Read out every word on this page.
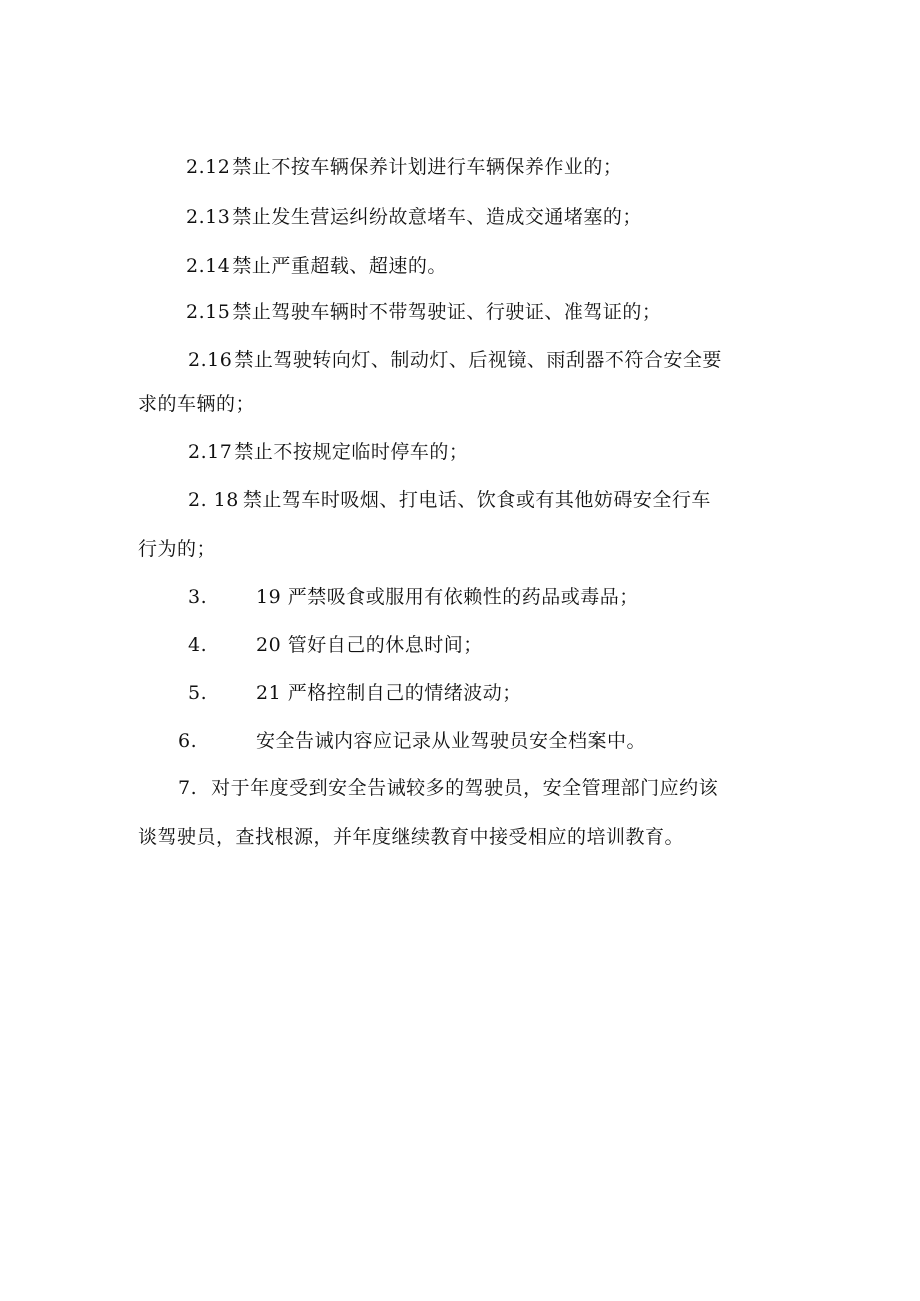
2.12 禁止不按车辆保养计划进行车辆保养作业的；
2.13 禁止发生营运纠纷故意堵车、造成交通堵塞的；
2.14 禁止严重超载、超速的。
2.15 禁止驾驶车辆时不带驾驶证、行驶证、准驾证的；
2.16 禁止驾驶转向灯、制动灯、后视镜、雨刮器不符合安全要
求的车辆的；
2.17 禁止不按规定临时停车的；
2. 18 禁止驾车时吸烟、打电话、饮食或有其他妨碍安全行车
行为的；
3.	19 严禁吸食或服用有依赖性的药品或毒品；
4.	20 管好自己的休息时间；
5.	21 严格控制自己的情绪波动；
6.	安全告诫内容应记录从业驾驶员安全档案中。
7. 对于年度受到安全告诫较多的驾驶员，安全管理部门应约该
谈驾驶员，查找根源，并年度继续教育中接受相应的培训教育。
